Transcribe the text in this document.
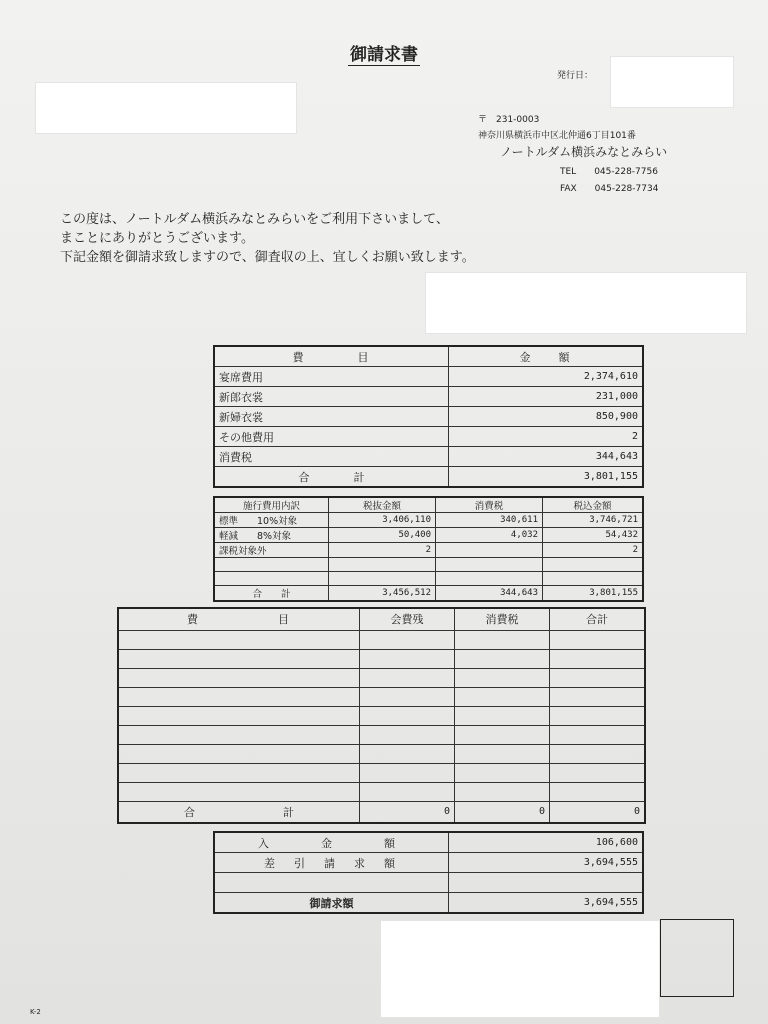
御請求書
発行日：
〒　231-0003
神奈川県横浜市中区北仲通6丁目101番
ノートルダム横浜みなとみらい
TEL　　045-228-7756
FAX　　045-228-7734
この度は、ノートルダム横浜みなとみらいをご利用下さいまして、
まことにありがとうございます。
下記金額を御請求致しますので、御査収の上、宜しくお願い致します。
費　　　　目	金　　額
宴席費用	2,374,610
新郎衣裳	231,000
新婦衣裳	850,900
その他費用	2
消費税	344,643
合　　　　計	3,801,155
施行費用内訳	税抜金額	消費税	税込金額
標準　　10%対象	3,406,110	340,611	3,746,721
軽減　　8%対象	50,400	4,032	54,432
課税対象外	2		2

合　　計	3,456,512	344,643	3,801,155
費　　　　　　目	会費残	消費税	合計

合　　　　　　　　計	0	0	0
入　　金　　額	106,600
差　引　請　求　額	3,694,555

御請求額	3,694,555
K-2
